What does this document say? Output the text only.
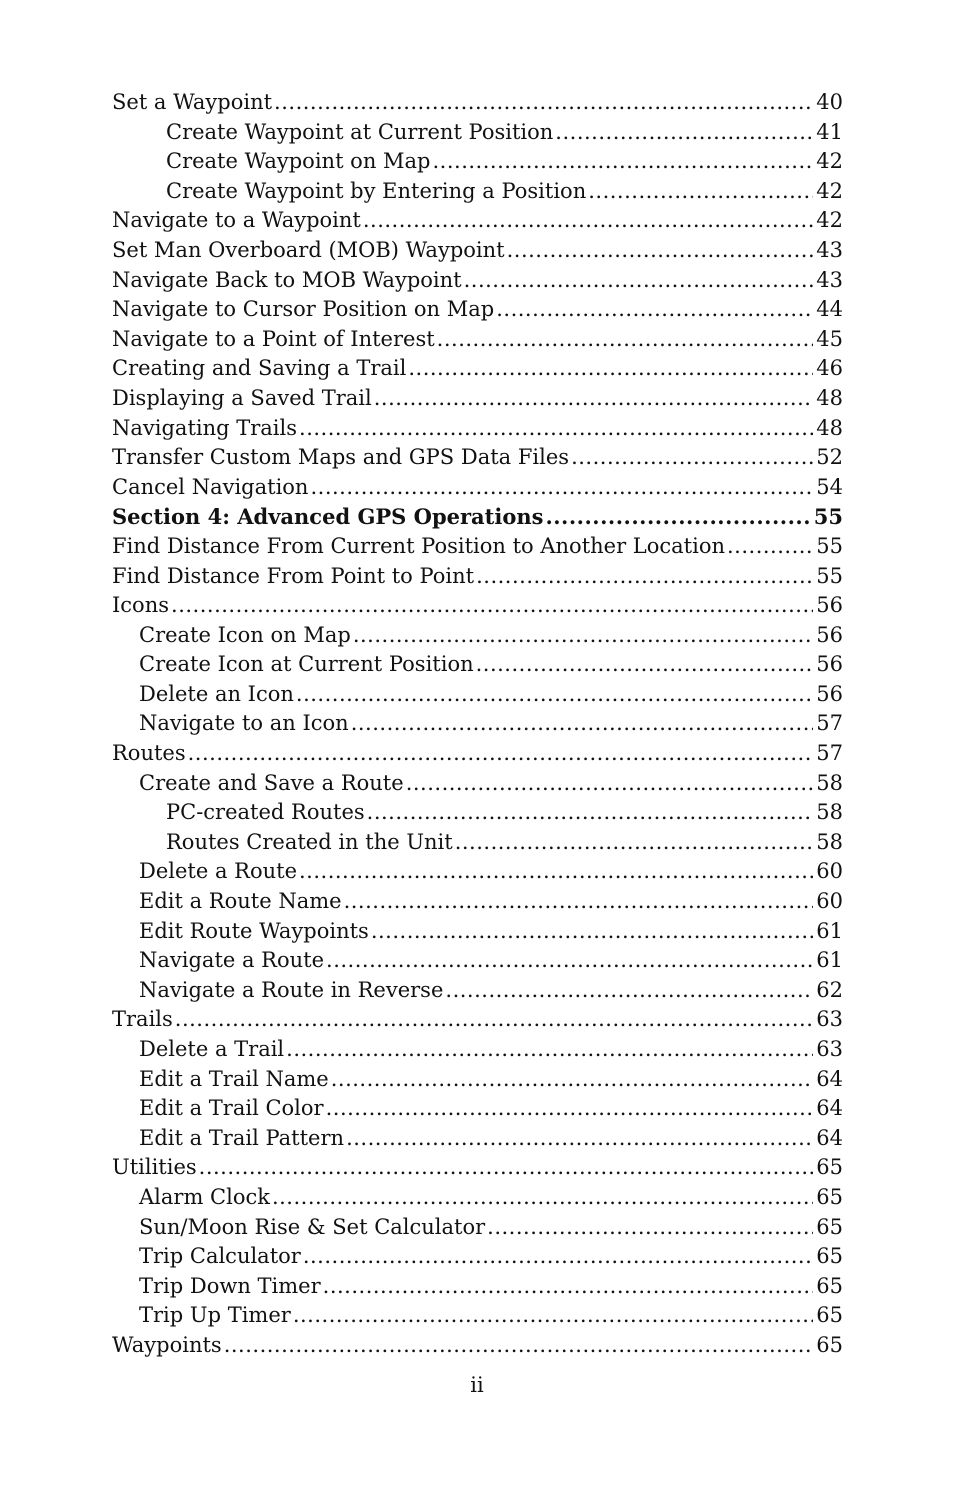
Set a Waypoint .....	40
Create Waypoint at Current Position .....	41
Create Waypoint on Map .....	42
Create Waypoint by Entering a Position .....	42
Navigate to a Waypoint .....	42
Set Man Overboard (MOB) Waypoint .....	43
Navigate Back to MOB Waypoint .....	43
Navigate to Cursor Position on Map .....	44
Navigate to a Point of Interest .....	45
Creating and Saving a Trail .....	46
Displaying a Saved Trail .....	48
Navigating Trails .....	48
Transfer Custom Maps and GPS Data Files .....	52
Cancel Navigation .....	54
Section 4: Advanced GPS Operations .....	55
Find Distance From Current Position to Another Location .....	55
Find Distance From Point to Point .....	55
Icons .....	56
Create Icon on Map .....	56
Create Icon at Current Position .....	56
Delete an Icon .....	56
Navigate to an Icon .....	57
Routes .....	57
Create and Save a Route .....	58
PC-created Routes .....	58
Routes Created in the Unit .....	58
Delete a Route .....	60
Edit a Route Name .....	60
Edit Route Waypoints .....	61
Navigate a Route .....	61
Navigate a Route in Reverse .....	62
Trails .....	63
Delete a Trail .....	63
Edit a Trail Name .....	64
Edit a Trail Color .....	64
Edit a Trail Pattern .....	64
Utilities .....	65
Alarm Clock .....	65
Sun/Moon Rise & Set Calculator .....	65
Trip Calculator .....	65
Trip Down Timer .....	65
Trip Up Timer .....	65
Waypoints .....	65
ii
